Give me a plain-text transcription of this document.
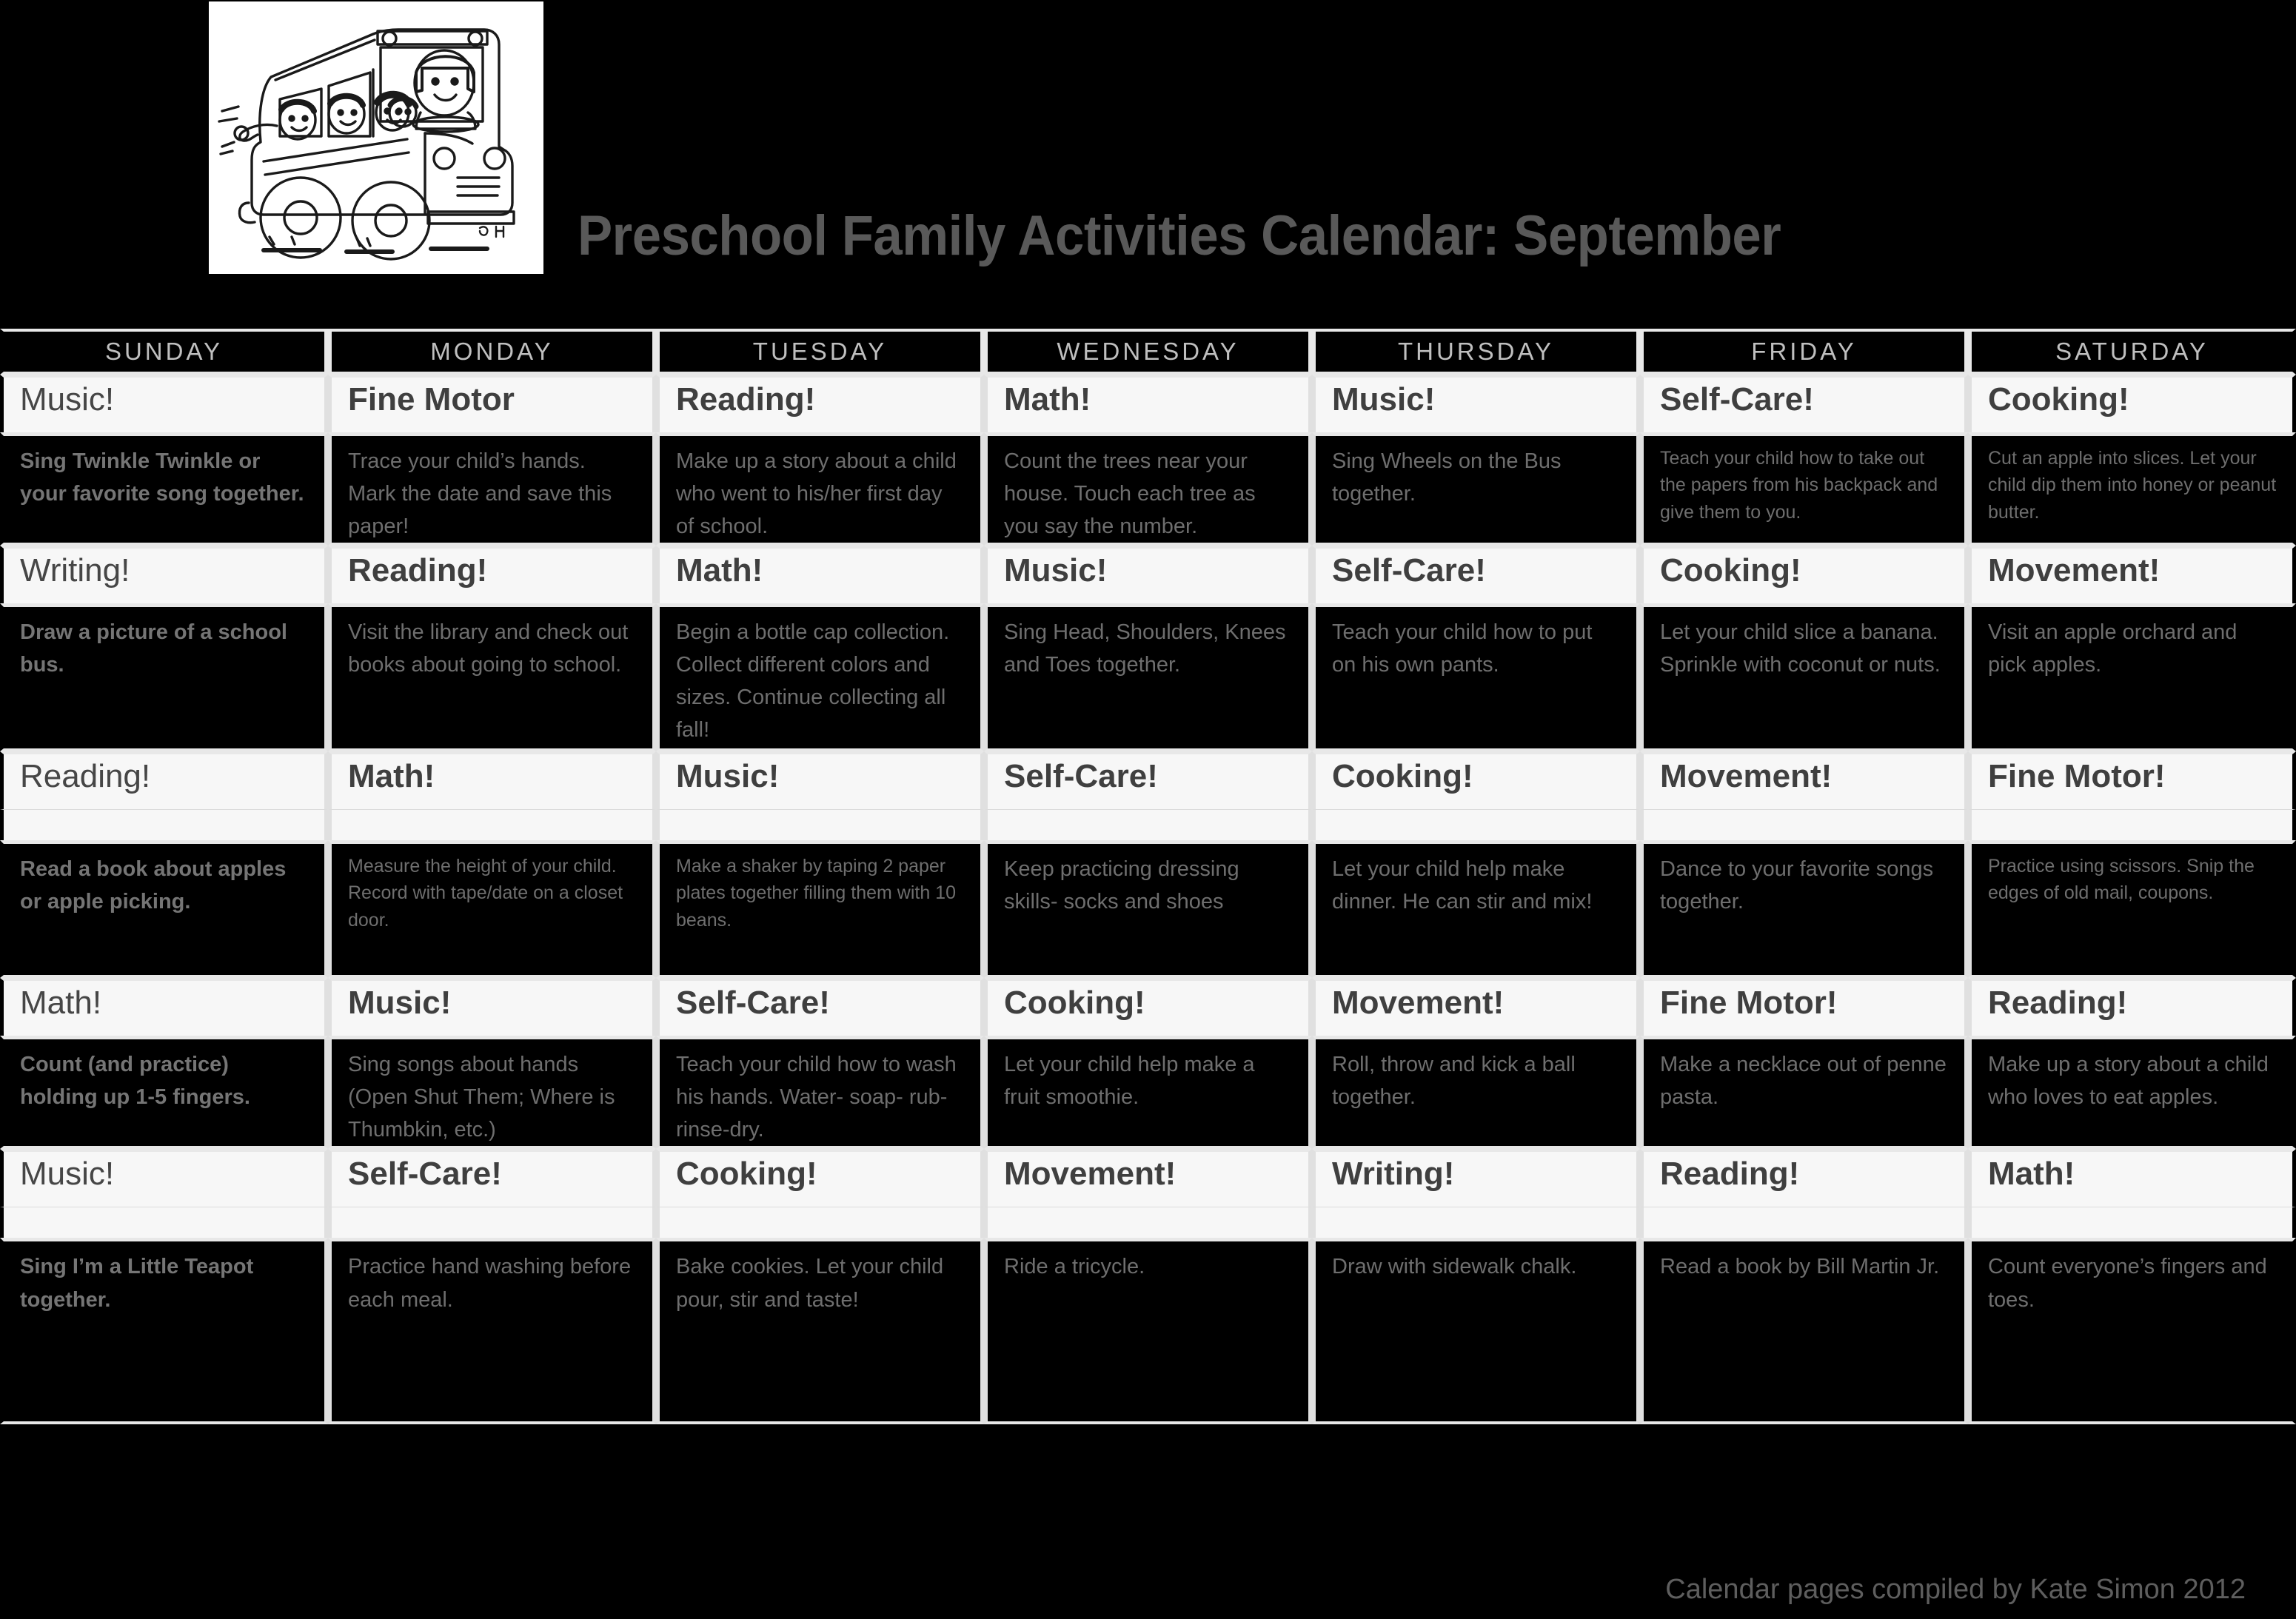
Preschool Family Activities Calendar: September
SUNDAY	MONDAY	TUESDAY	WEDNESDAY	THURSDAY	FRIDAY	SATURDAY

Music!	Fine Motor	Reading!	Math!	Music!	Self-Care!	Cooking!

Sing Twinkle Twinkle or your favorite song together.	Trace your child’s hands. Mark the date and save this paper!	Make up a story about a child who went to his/her first day of school.	Count the trees near your house. Touch each tree as you say the number.	Sing Wheels on the Bus together.	Teach your child how to take out the papers from his backpack and give them to you.	Cut an apple into slices. Let your child dip them into honey or peanut butter.

Writing!	Reading!	Math!	Music!	Self-Care!	Cooking!	Movement!

Draw a picture of a school bus.	Visit the library and check out books about going to school.	Begin a bottle cap collection. Collect different colors and sizes. Continue collecting all fall!	Sing Head, Shoulders, Knees and Toes together.	Teach your child how to put on his own pants.	Let your child slice a banana. Sprinkle with coconut or nuts.	Visit an apple orchard and pick apples.

Reading!	Math!	Music!	Self-Care!	Cooking!	Movement!	Fine Motor!

Read a book about apples or apple picking.	Measure the height of your child. Record with tape/date on a closet door.	Make a shaker by taping 2 paper plates together filling them with 10 beans.	Keep practicing dressing skills- socks and shoes	Let your child help make dinner. He can stir and mix!	Dance to your favorite songs together.	Practice using scissors. Snip the edges of old mail, coupons.

Math!	Music!	Self-Care!	Cooking!	Movement!	Fine Motor!	Reading!

Count (and practice) holding up 1-5 fingers.	Sing songs about hands (Open Shut Them; Where is Thumbkin, etc.)	Teach your child how to wash his hands. Water- soap- rub- rinse-dry.	Let your child help make a fruit smoothie.	Roll, throw and kick a ball together.	Make a necklace out of penne pasta.	Make up a story about a child who loves to eat apples.

Music!	Self-Care!	Cooking!	Movement!	Writing!	Reading!	Math!

Sing I’m a Little Teapot together.	Practice hand washing before each meal.	Bake cookies. Let your child pour, stir and taste!	Ride a tricycle.	Draw with sidewalk chalk.	Read a book by Bill Martin Jr.	Count everyone’s fingers and toes.
Calendar pages compiled by Kate Simon 2012
